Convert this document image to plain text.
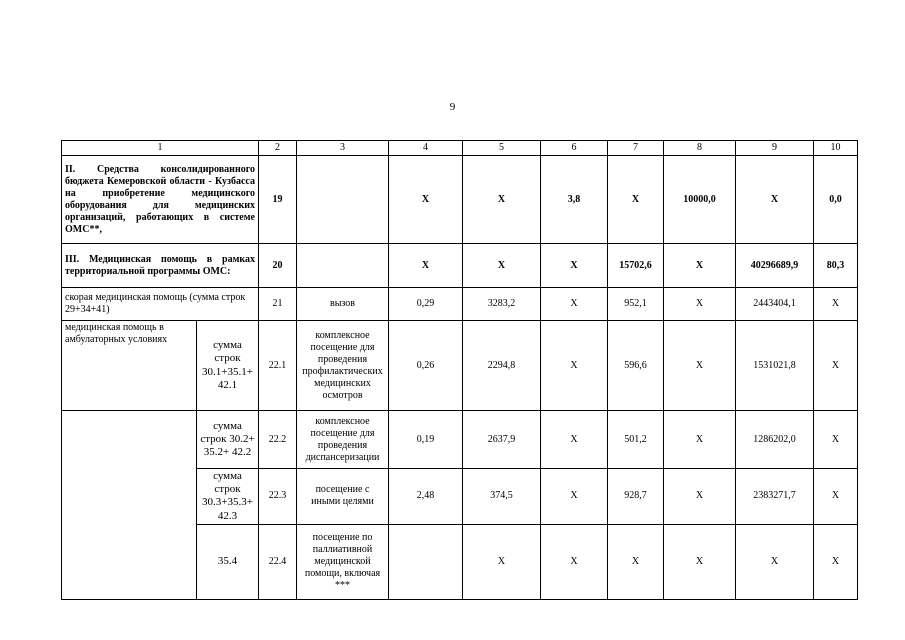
9
1		2	3	4	5	6	7	8	9	10
II. Средства консолидированного бюджета Кемеровской области - Кузбасса на приобретение медицинского оборудования для медицинских организаций, работающих в системе ОМС**,		19		X	X	3,8	X	10000,0	X	0,0
III. Медицинская помощь в рамках территориальной программы ОМС:		20		X	X	X	15702,6	X	40296689,9	80,3
скорая медицинская помощь (сумма строк 29+34+41)		21	вызов	0,29	3283,2	X	952,1	X	2443404,1	X
медицинская помощь в амбулаторных условиях	сумма строк 30.1+35.1+ 42.1	22.1	комплексное посещение для проведения профилактических медицинских осмотров	0,26	2294,8	X	596,6	X	1531021,8	X
	сумма строк 30.2+ 35.2+ 42.2	22.2	комплексное посещение для проведения диспансеризации	0,19	2637,9	X	501,2	X	1286202,0	X
	сумма строк 30.3+35.3+ 42.3	22.3	посещение с иными целями	2,48	374,5	X	928,7	X	2383271,7	X
	35.4	22.4	посещение по паллиативной медицинской помощи, включая ***		X	X	X	X	X	X
